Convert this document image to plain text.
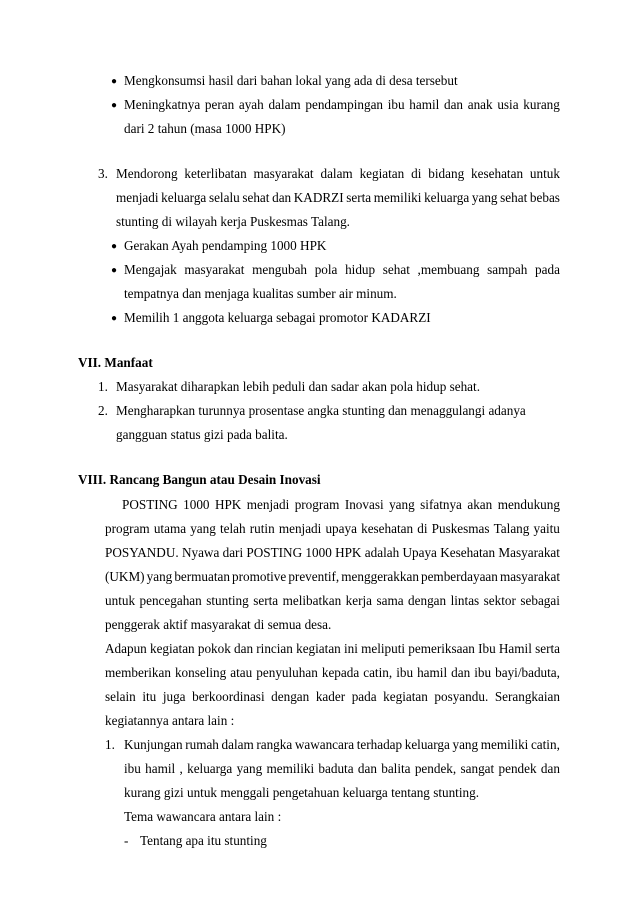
● Mengkonsumsi hasil dari bahan lokal yang ada di desa tersebut
● Meningkatnya peran ayah dalam pendampingan ibu hamil dan anak usia kurang
dari 2 tahun (masa 1000 HPK)
3. Mendorong keterlibatan masyarakat dalam kegiatan di bidang kesehatan untuk
menjadi keluarga selalu sehat dan KADRZI serta memiliki keluarga yang sehat bebas
stunting di wilayah kerja Puskesmas Talang.
● Gerakan Ayah pendamping 1000 HPK
● Mengajak masyarakat mengubah pola hidup sehat ,membuang sampah pada
tempatnya dan menjaga kualitas sumber air minum.
● Memilih 1 anggota keluarga sebagai promotor KADARZI
VII. Manfaat
1. Masyarakat diharapkan lebih peduli dan sadar akan pola hidup sehat.
2. Mengharapkan turunnya prosentase angka stunting dan menaggulangi adanya
gangguan status gizi pada balita.
VIII. Rancang Bangun atau Desain Inovasi
POSTING 1000 HPK menjadi program Inovasi yang sifatnya akan mendukung
program utama yang telah rutin menjadi upaya kesehatan di Puskesmas Talang yaitu
POSYANDU. Nyawa dari POSTING 1000 HPK adalah Upaya Kesehatan Masyarakat
(UKM) yang bermuatan promotive preventif, menggerakkan pemberdayaan masyarakat
untuk pencegahan stunting serta melibatkan kerja sama dengan lintas sektor sebagai
penggerak aktif masyarakat di semua desa.
Adapun kegiatan pokok dan rincian kegiatan ini meliputi pemeriksaan Ibu Hamil serta
memberikan konseling atau penyuluhan kepada catin, ibu hamil dan ibu bayi/baduta,
selain itu juga berkoordinasi dengan kader pada kegiatan posyandu. Serangkaian
kegiatannya antara lain :
1. Kunjungan rumah dalam rangka wawancara terhadap keluarga yang memiliki catin,
ibu hamil , keluarga yang memiliki baduta dan balita pendek, sangat pendek dan
kurang gizi untuk menggali pengetahuan keluarga tentang stunting.
Tema wawancara antara lain :
- Tentang apa itu stunting
